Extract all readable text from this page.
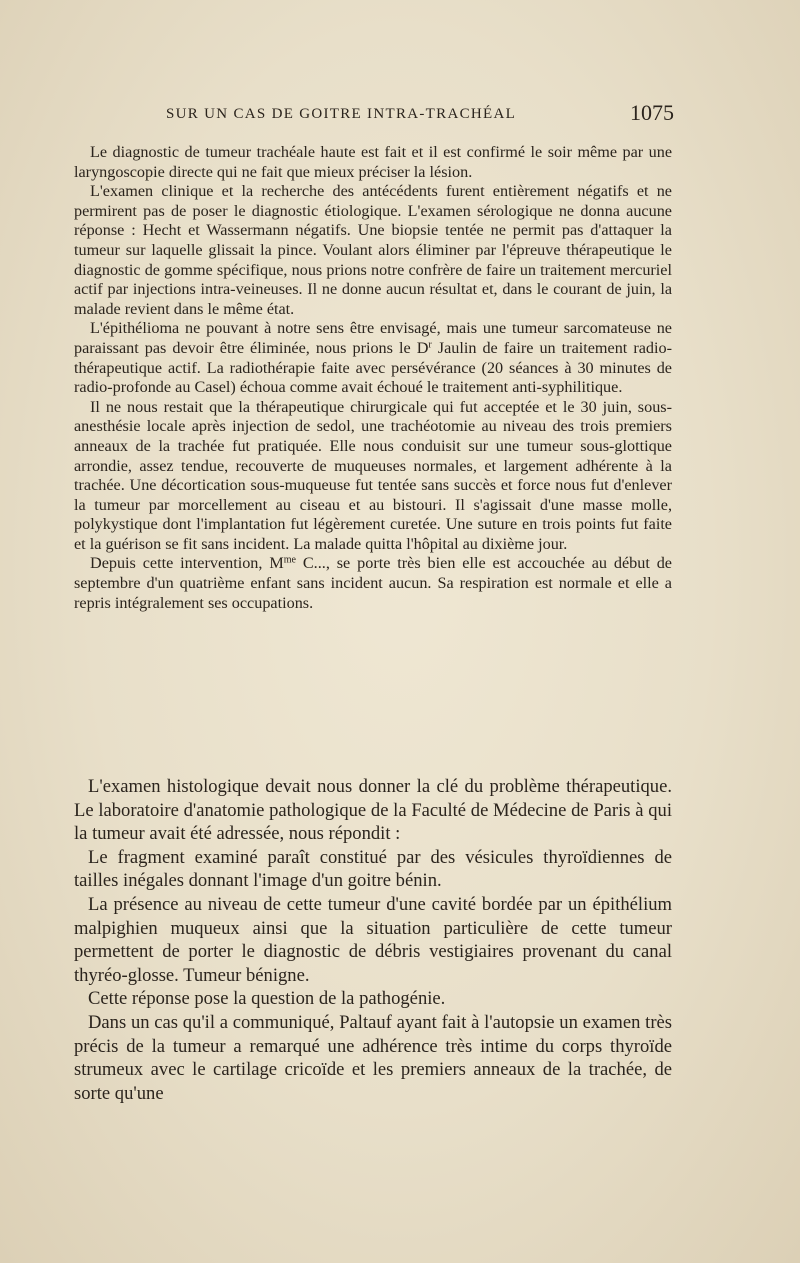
SUR UN CAS DE GOITRE INTRA-TRACHÉAL	1075

Le diagnostic de tumeur trachéale haute est fait et il est confirmé le soir même par une laryngoscopie directe qui ne fait que mieux préciser la lésion.

L'examen clinique et la recherche des antécédents furent entièrement négatifs et ne permirent pas de poser le diagnostic étiologique. L'examen sérologique ne donna aucune réponse : Hecht et Wassermann négatifs. Une biopsie tentée ne permit pas d'attaquer la tumeur sur laquelle glissait la pince. Voulant alors éliminer par l'épreuve thérapeutique le diagnostic de gomme spécifique, nous prions notre confrère de faire un traitement mercuriel actif par injections intra-veineuses. Il ne donne aucun résultat et, dans le courant de juin, la malade revient dans le même état.

L'épithélioma ne pouvant à notre sens être envisagé, mais une tumeur sarcomateuse ne paraissant pas devoir être éliminée, nous prions le $D^r$ Jaulin de faire un traitement radio-thérapeutique actif. La radiothérapie faite avec persévérance (20 séances à 30 minutes de radio-profonde au Casel) échoua comme avait échoué le traitement anti-syphilitique.

Il ne nous restait que la thérapeutique chirurgicale qui fut acceptée et le 30 juin, sous-anesthésie locale après injection de sedol, une trachéotomie au niveau des trois premiers anneaux de la trachée fut pratiquée. Elle nous conduisit sur une tumeur sous-glottique arrondie, assez tendue, recouverte de muqueuses normales, et largement adhérente à la trachée. Une décortication sous-muqueuse fut tentée sans succès et force nous fut d'enlever la tumeur par morcellement au ciseau et au bistouri. Il s'agissait d'une masse molle, polykystique dont l'implantation fut légèrement curetée. Une suture en trois points fut faite et la guérison se fit sans incident. La malade quitta l'hôpital au dixième jour.

Depuis cette intervention, $M^{me}$ C..., se porte très bien elle est accouchée au début de septembre d'un quatrième enfant sans incident aucun. Sa respiration est normale et elle a repris intégralement ses occupations.

L'examen histologique devait nous donner la clé du problème thérapeutique. Le laboratoire d'anatomie pathologique de la Faculté de Médecine de Paris à qui la tumeur avait été adressée, nous répondit :

Le fragment examiné paraît constitué par des vésicules thyroïdiennes de tailles inégales donnant l'image d'un goitre bénin.

La présence au niveau de cette tumeur d'une cavité bordée par un épithélium malpighien muqueux ainsi que la situation particulière de cette tumeur permettent de porter le diagnostic de débris vestigiaires provenant du canal thyréo-glosse. Tumeur bénigne.

Cette réponse pose la question de la pathogénie.

Dans un cas qu'il a communiqué, Paltauf ayant fait à l'autopsie un examen très précis de la tumeur a remarqué une adhérence très intime du corps thyroïde strumeux avec le cartilage cricoïde et les premiers anneaux de la trachée, de sorte qu'une
